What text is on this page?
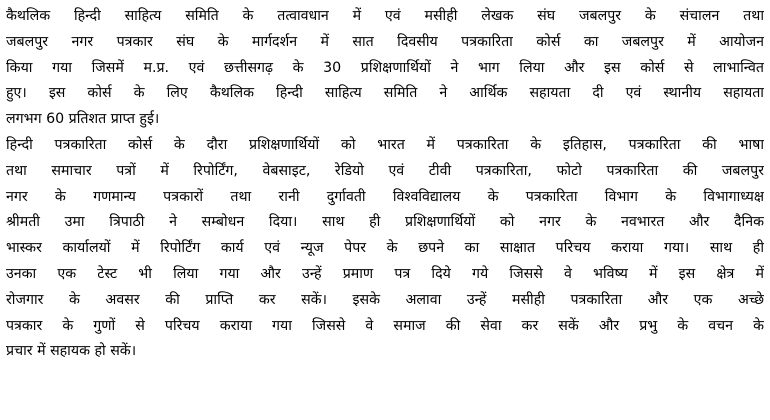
कैथलिक हिन्दी साहित्य समिति के तत्वावधान में एवं मसीही लेखक संघ जबलपुर के संचालन तथा
जबलपुर नगर पत्रकार संघ के मार्गदर्शन में सात दिवसीय पत्रकारिता कोर्स का जबलपुर में आयोजन
किया गया जिसमें म.प्र. एवं छत्तीसगढ़ के 30 प्रशिक्षणार्थियों ने भाग लिया और इस कोर्स से लाभान्वित
हुए। इस कोर्स के लिए कैथलिक हिन्दी साहित्य समिति ने आर्थिक सहायता दी एवं स्थानीय सहायता
लगभग 60 प्रतिशत प्राप्त हुई।
हिन्दी पत्रकारिता कोर्स के दौरा प्रशिक्षणार्थियों को भारत में पत्रकारिता के इतिहास, पत्रकारिता की भाषा
तथा समाचार पत्रों में रिपोर्टिंग, वेबसाइट, रेडियो एवं टीवी पत्रकारिता, फोटो पत्रकारिता की जबलपुर
नगर के गणमान्य पत्रकारों तथा रानी दुर्गावती विश्वविद्यालय के पत्रकारिता विभाग के विभागाध्यक्ष
श्रीमती उमा त्रिपाठी ने सम्बोधन दिया। साथ ही प्रशिक्षणार्थियों को नगर के नवभारत और दैनिक
भास्कर कार्यालयों में रिपोर्टिंग कार्य एवं न्यूज पेपर के छपने का साक्षात परिचय कराया गया। साथ ही
उनका एक टेस्ट भी लिया गया और उन्हें प्रमाण पत्र दिये गये जिससे वे भविष्य में इस क्षेत्र में
रोजगार के अवसर की प्राप्ति कर सकें। इसके अलावा उन्हें मसीही पत्रकारिता और एक अच्छे
पत्रकार के गुणों से परिचय कराया गया जिससे वे समाज की सेवा कर सकें और प्रभु के वचन के
प्रचार में सहायक हो सकें।
